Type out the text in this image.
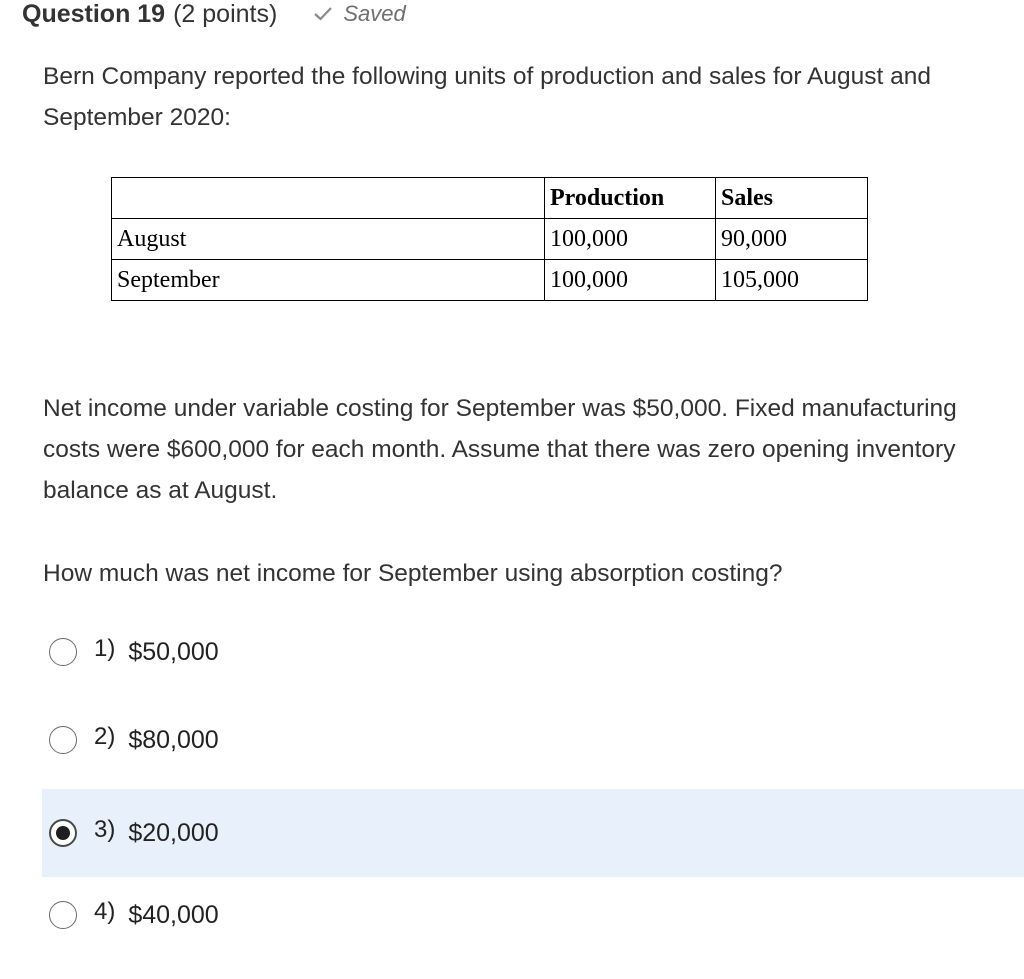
Question 19 (2 points)	Saved
Bern Company reported the following units of production and sales for August and September 2020:
	Production	Sales
August	100,000	90,000
September	100,000	105,000
Net income under variable costing for September was $50,000. Fixed manufacturing costs were $600,000 for each month. Assume that there was zero opening inventory balance as at August.
How much was net income for September using absorption costing?
1) $50,000
2) $80,000
3) $20,000
4) $40,000
